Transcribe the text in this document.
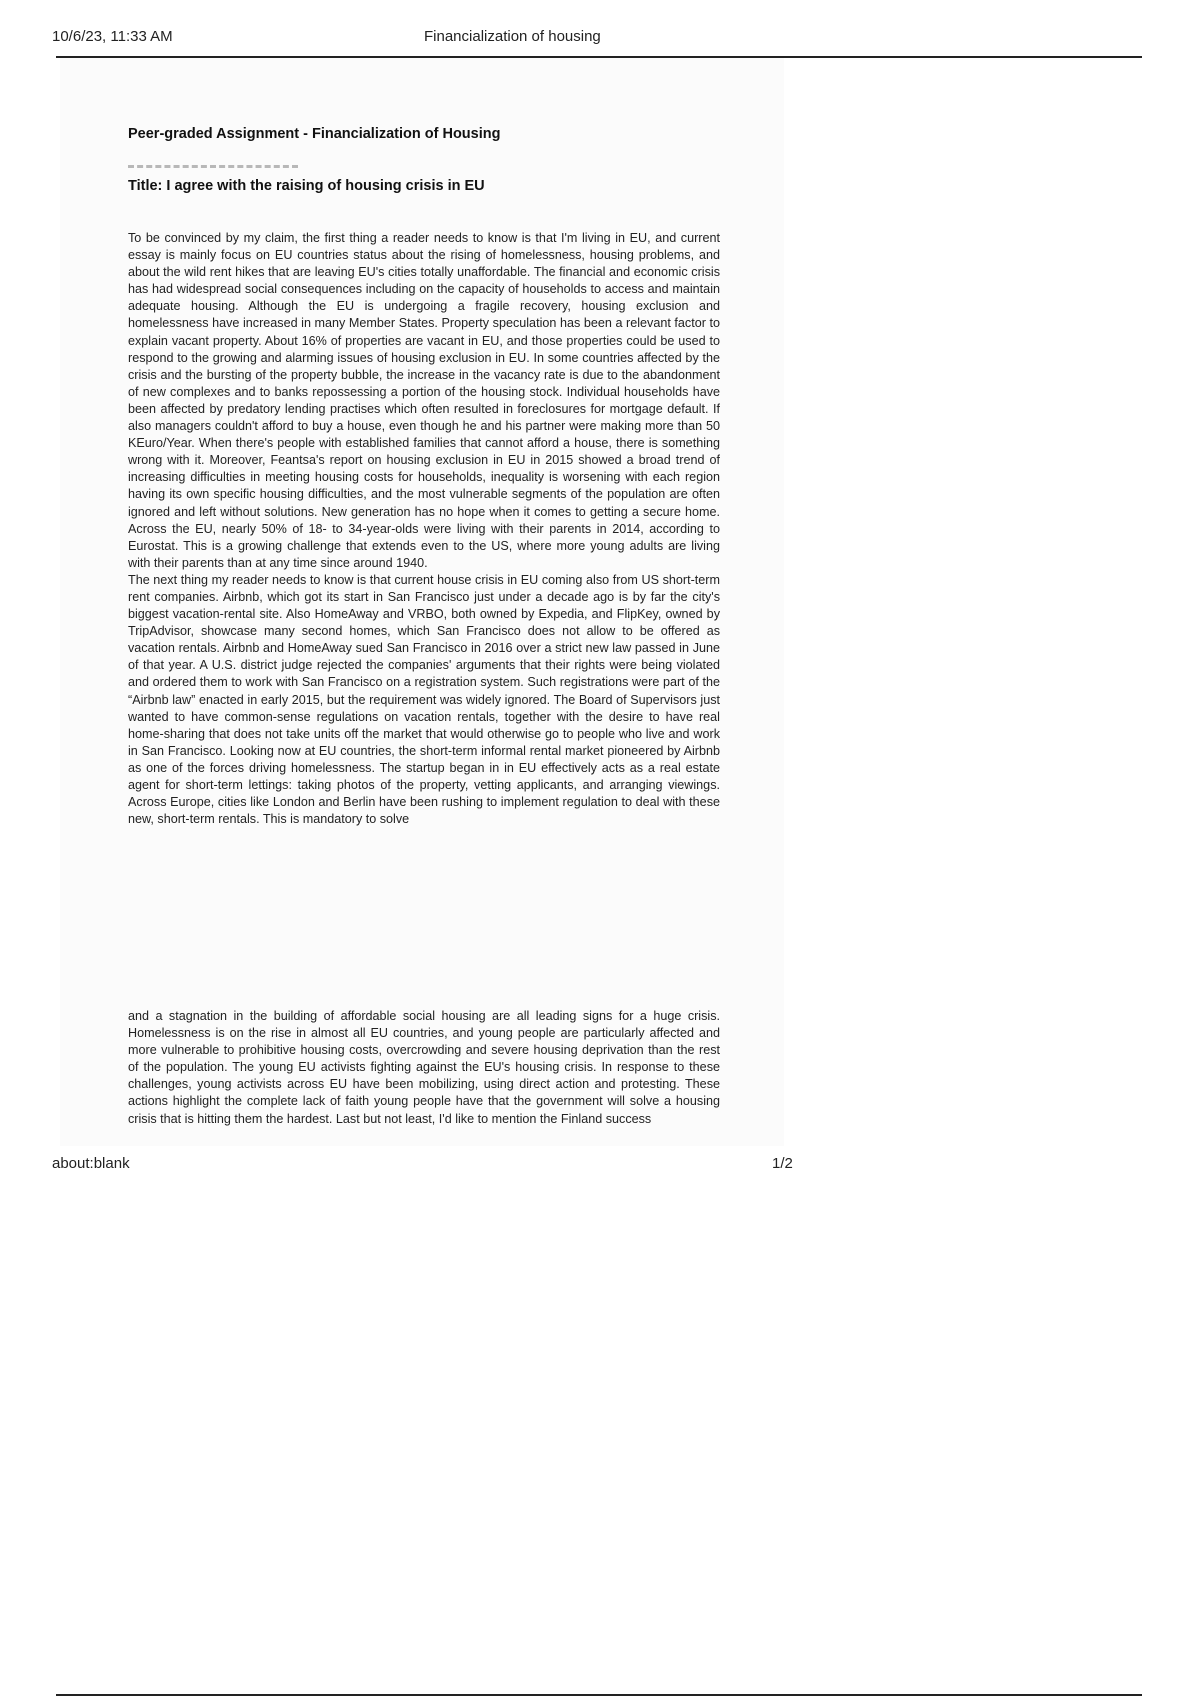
10/6/23, 11:33 AM	Financialization of housing
Peer-graded Assignment - Financialization of Housing
Title: I agree with the raising of housing crisis in EU

To be convinced by my claim, the first thing a reader needs to know is that I'm living in EU, and current essay is mainly focus on EU countries status about the rising of homelessness, housing problems, and about the wild rent hikes that are leaving EU's cities totally unaffordable. The financial and economic crisis has had widespread social consequences including on the capacity of households to access and maintain adequate housing. Although the EU is undergoing a fragile recovery, housing exclusion and homelessness have increased in many Member States. Property speculation has been a relevant factor to explain vacant property. About 16% of properties are vacant in EU, and those properties could be used to respond to the growing and alarming issues of housing exclusion in EU. In some countries affected by the crisis and the bursting of the property bubble, the increase in the vacancy rate is due to the abandonment of new complexes and to banks repossessing a portion of the housing stock. Individual households have been affected by predatory lending practises which often resulted in foreclosures for mortgage default. If also managers couldn't afford to buy a house, even though he and his partner were making more than 50 KEuro/Year. When there's people with established families that cannot afford a house, there is something wrong with it. Moreover, Feantsa's report on housing exclusion in EU in 2015 showed a broad trend of increasing difficulties in meeting housing costs for households, inequality is worsening with each region having its own specific housing difficulties, and the most vulnerable segments of the population are often ignored and left without solutions. New generation has no hope when it comes to getting a secure home. Across the EU, nearly 50% of 18- to 34-year-olds were living with their parents in 2014, according to Eurostat. This is a growing challenge that extends even to the US, where more young adults are living with their parents than at any time since around 1940.

The next thing my reader needs to know is that current house crisis in EU coming also from US short-term rent companies. Airbnb, which got its start in San Francisco just under a decade ago is by far the city's biggest vacation-rental site. Also HomeAway and VRBO, both owned by Expedia, and FlipKey, owned by TripAdvisor, showcase many second homes, which San Francisco does not allow to be offered as vacation rentals. Airbnb and HomeAway sued San Francisco in 2016 over a strict new law passed in June of that year. A U.S. district judge rejected the companies' arguments that their rights were being violated and ordered them to work with San Francisco on a registration system. Such registrations were part of the “Airbnb law” enacted in early 2015, but the requirement was widely ignored. The Board of Supervisors just wanted to have common-sense regulations on vacation rentals, together with the desire to have real home-sharing that does not take units off the market that would otherwise go to people who live and work in San Francisco. Looking now at EU countries, the short-term informal rental market pioneered by Airbnb as one of the forces driving homelessness. The startup began in in EU effectively acts as a real estate agent for short-term lettings: taking photos of the property, vetting applicants, and arranging viewings. Across Europe, cities like London and Berlin have been rushing to implement regulation to deal with these new, short-term rentals. This is mandatory to solve

and a stagnation in the building of affordable social housing are all leading signs for a huge crisis. Homelessness is on the rise in almost all EU countries, and young people are particularly affected and more vulnerable to prohibitive housing costs, overcrowding and severe housing deprivation than the rest of the population. The young EU activists fighting against the EU's housing crisis. In response to these challenges, young activists across EU have been mobilizing, using direct action and protesting. These actions highlight the complete lack of faith young people have that the government will solve a housing crisis that is hitting them the hardest. Last but not least, I'd like to mention the Finland success

about:blank	1/2
